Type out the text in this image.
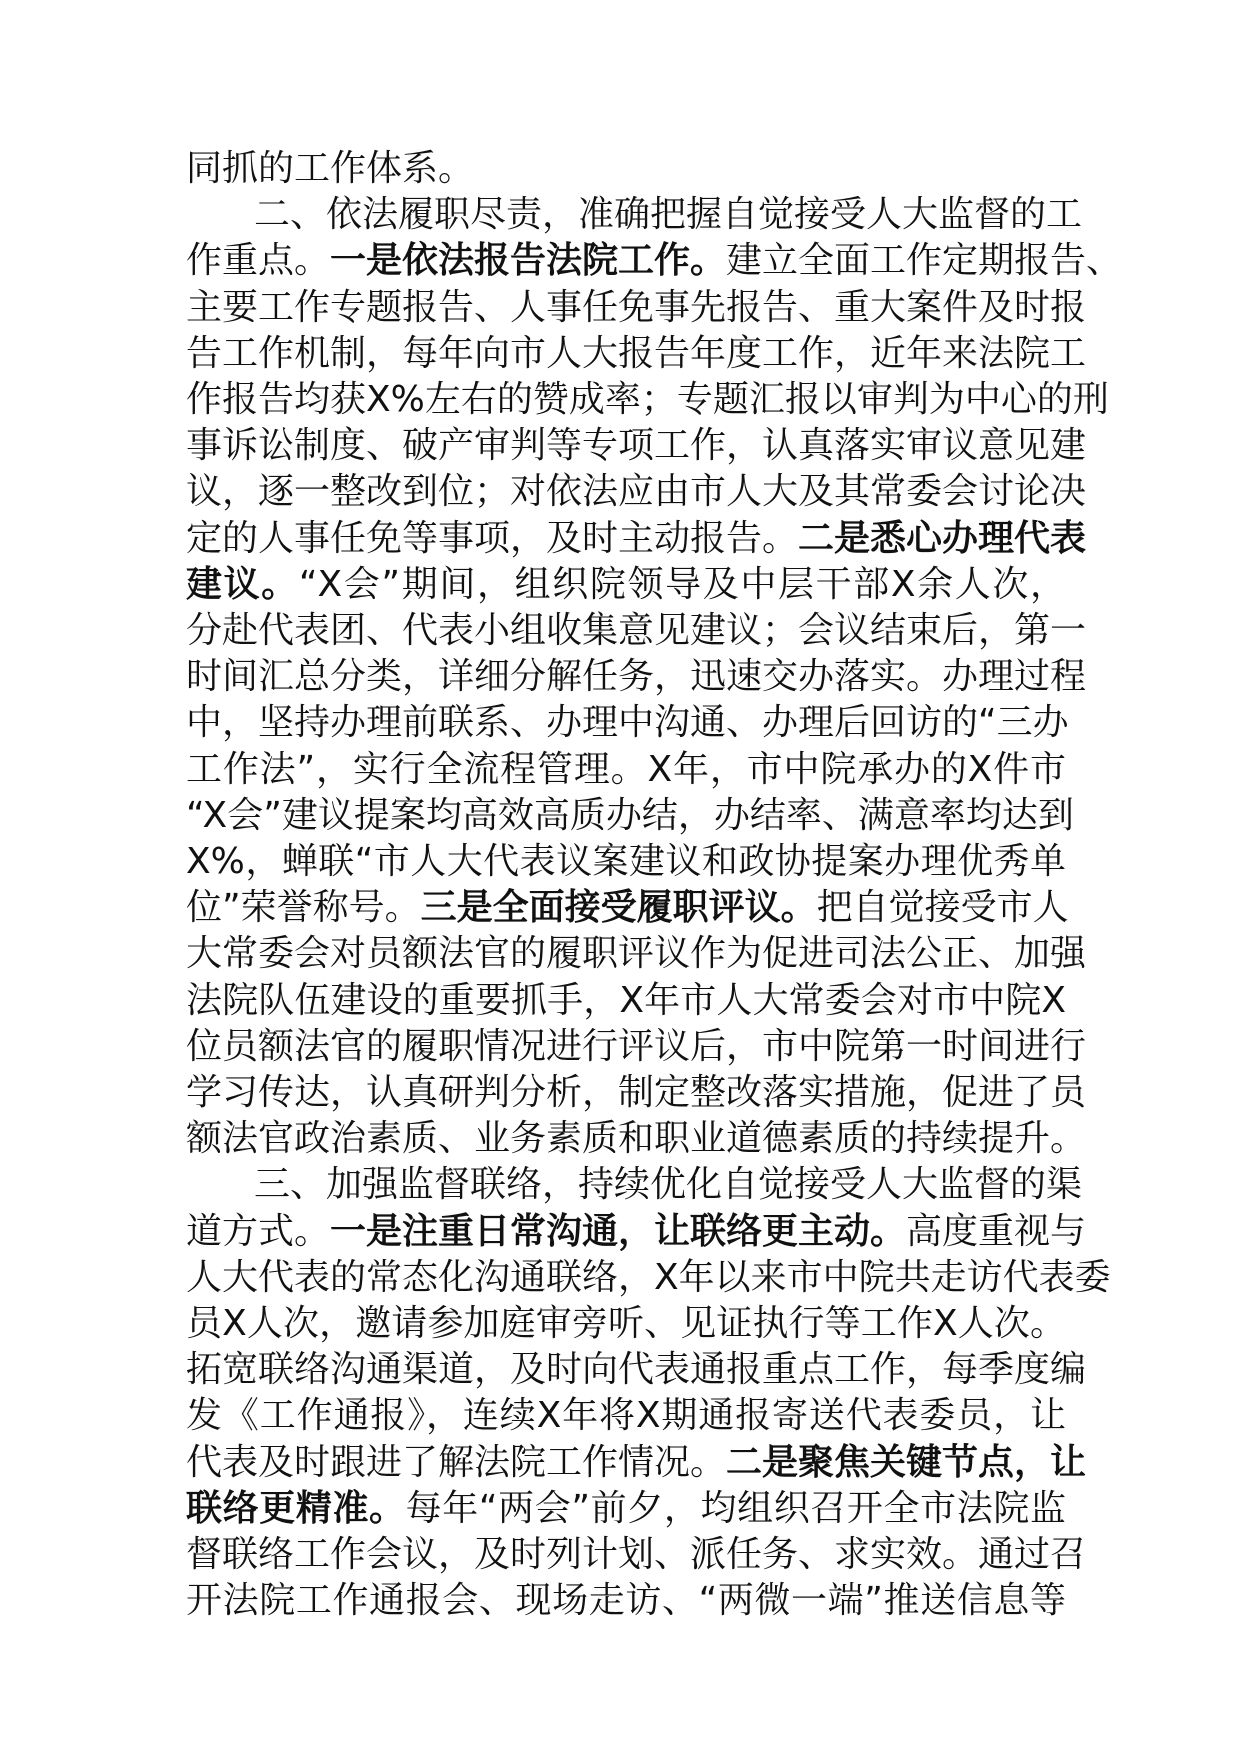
同抓的工作体系。
二、依法履职尽责，准确把握自觉接受人大监督的工
作重点。一是依法报告法院工作。建立全面工作定期报告、
主要工作专题报告、人事任免事先报告、重大案件及时报
告工作机制，每年向市人大报告年度工作，近年来法院工
作报告均获X%左右的赞成率；专题汇报以审判为中心的刑
事诉讼制度、破产审判等专项工作，认真落实审议意见建
议，逐一整改到位；对依法应由市人大及其常委会讨论决
定的人事任免等事项，及时主动报告。二是悉心办理代表
建议。“X会”期间，组织院领导及中层干部X余人次，
分赴代表团、代表小组收集意见建议；会议结束后，第一
时间汇总分类，详细分解任务，迅速交办落实。办理过程
中，坚持办理前联系、办理中沟通、办理后回访的“三办
工作法”，实行全流程管理。X年，市中院承办的X件市
“X会”建议提案均高效高质办结，办结率、满意率均达到
X%，蝉联“市人大代表议案建议和政协提案办理优秀单
位”荣誉称号。三是全面接受履职评议。把自觉接受市人
大常委会对员额法官的履职评议作为促进司法公正、加强
法院队伍建设的重要抓手，X年市人大常委会对市中院X
位员额法官的履职情况进行评议后，市中院第一时间进行
学习传达，认真研判分析，制定整改落实措施，促进了员
额法官政治素质、业务素质和职业道德素质的持续提升。
三、加强监督联络，持续优化自觉接受人大监督的渠
道方式。一是注重日常沟通，让联络更主动。高度重视与
人大代表的常态化沟通联络，X年以来市中院共走访代表委
员X人次，邀请参加庭审旁听、见证执行等工作X人次。
拓宽联络沟通渠道，及时向代表通报重点工作，每季度编
发《工作通报》，连续X年将X期通报寄送代表委员，让
代表及时跟进了解法院工作情况。二是聚焦关键节点，让
联络更精准。每年“两会”前夕，均组织召开全市法院监
督联络工作会议，及时列计划、派任务、求实效。通过召
开法院工作通报会、现场走访、“两微一端”推送信息等
